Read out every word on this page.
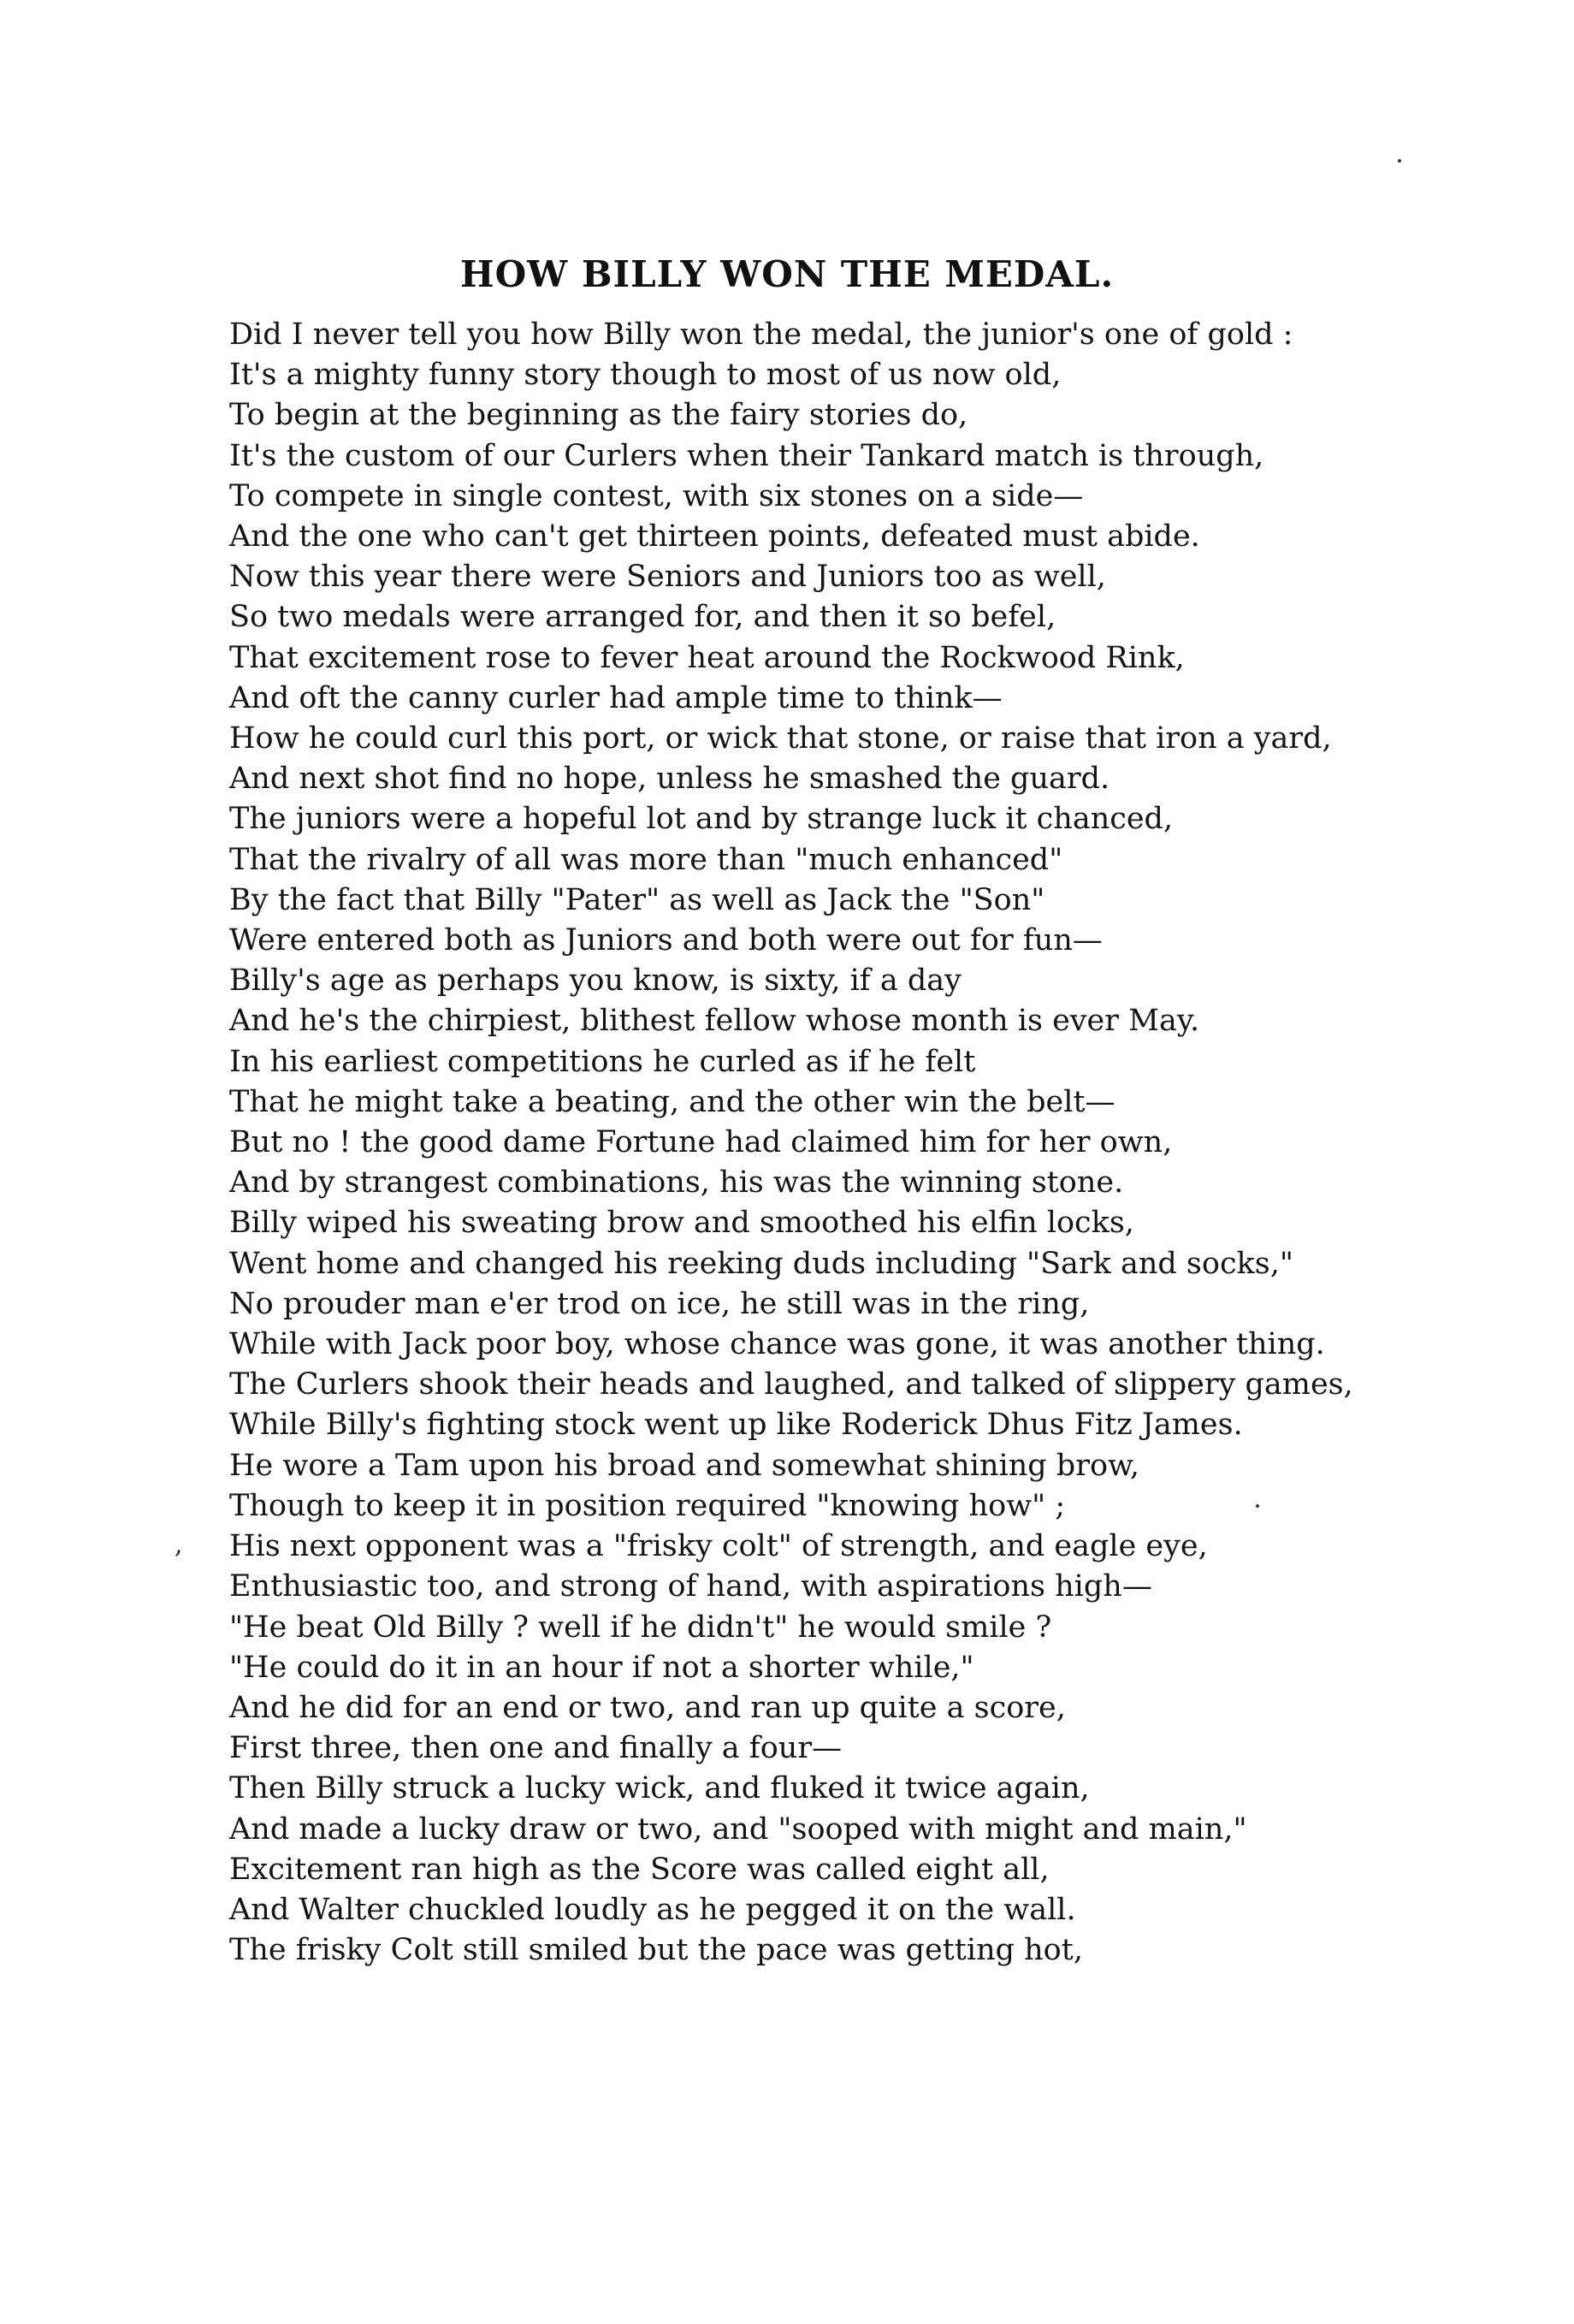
HOW BILLY WON THE MEDAL.
Did I never tell you how Billy won the medal, the junior's one of gold :
It's a mighty funny story though to most of us now old,
To begin at the beginning as the fairy stories do,
It's the custom of our Curlers when their Tankard match is through,
To compete in single contest, with six stones on a side—
And the one who can't get thirteen points, defeated must abide.
Now this year there were Seniors and Juniors too as well,
So two medals were arranged for, and then it so befel,
That excitement rose to fever heat around the Rockwood Rink,
And oft the canny curler had ample time to think—
How he could curl this port, or wick that stone, or raise that iron a yard,
And next shot find no hope, unless he smashed the guard.
The juniors were a hopeful lot and by strange luck it chanced,
That the rivalry of all was more than "much enhanced"
By the fact that Billy "Pater" as well as Jack the "Son"
Were entered both as Juniors and both were out for fun—
Billy's age as perhaps you know, is sixty, if a day
And he's the chirpiest, blithest fellow whose month is ever May.
In his earliest competitions he curled as if he felt
That he might take a beating, and the other win the belt—
But no ! the good dame Fortune had claimed him for her own,
And by strangest combinations, his was the winning stone.
Billy wiped his sweating brow and smoothed his elfin locks,
Went home and changed his reeking duds including "Sark and socks,"
No prouder man e'er trod on ice, he still was in the ring,
While with Jack poor boy, whose chance was gone, it was another thing.
The Curlers shook their heads and laughed, and talked of slippery games,
While Billy's fighting stock went up like Roderick Dhus Fitz James.
He wore a Tam upon his broad and somewhat shining brow,
Though to keep it in position required "knowing how" ;
His next opponent was a "frisky colt" of strength, and eagle eye,
Enthusiastic too, and strong of hand, with aspirations high—
"He beat Old Billy ? well if he didn't" he would smile ?
"He could do it in an hour if not a shorter while,"
And he did for an end or two, and ran up quite a score,
First three, then one and finally a four—
Then Billy struck a lucky wick, and fluked it twice again,
And made a lucky draw or two, and "sooped with might and main,"
Excitement ran high as the Score was called eight all,
And Walter chuckled loudly as he pegged it on the wall.
The frisky Colt still smiled but the pace was getting hot,
,
